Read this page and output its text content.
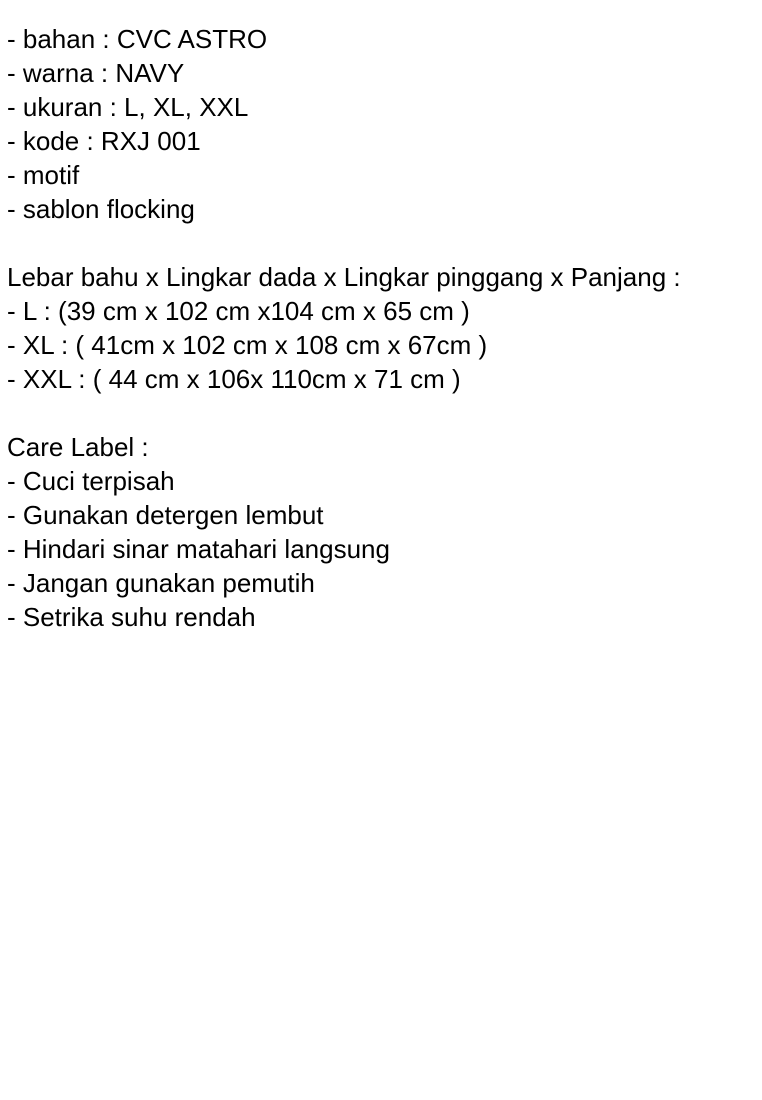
- bahan : CVC ASTRO
- warna : NAVY
- ukuran : L, XL, XXL
- kode : RXJ 001
- motif
- sablon flocking
Lebar bahu x Lingkar dada x Lingkar pinggang x Panjang :
- L : (39 cm x 102 cm x104 cm x 65 cm )
- XL : ( 41cm x 102 cm x 108 cm x 67cm )
- XXL : ( 44 cm x 106x 110cm x 71 cm )
Care Label :
- Cuci terpisah
- Gunakan detergen lembut
- Hindari sinar matahari langsung
- Jangan gunakan pemutih
- Setrika suhu rendah
